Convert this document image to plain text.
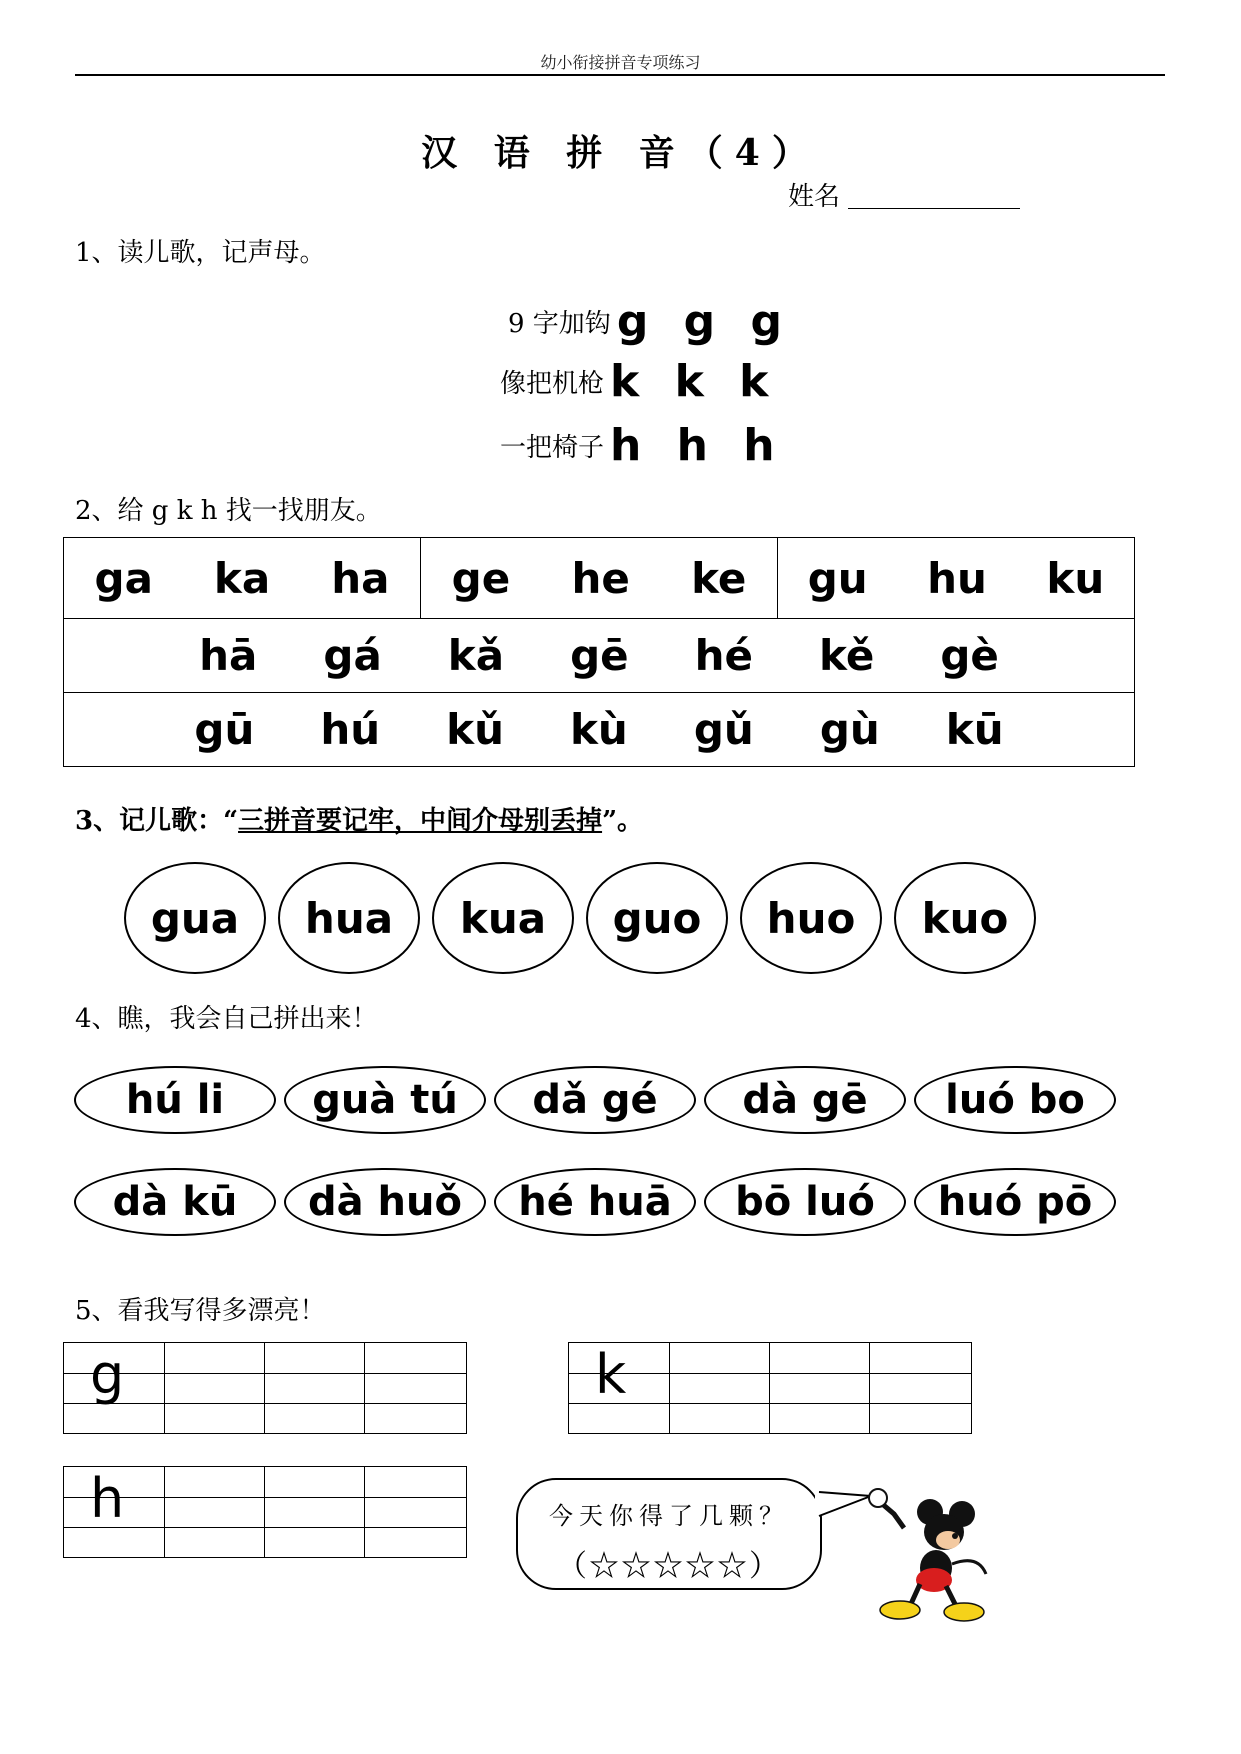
幼小衔接拼音专项练习
汉 语 拼 音（4）
姓名
1、读儿歌，记声母。
9 字加钩 g g g
像把机枪 k k k
一把椅子 h h h
2、给 g k h 找一找朋友。
ga ka ha ge he ke gu hu ku
hā gá kǎ gē hé kě gè
gū hú kǔ kù gǔ gù kū
3、记儿歌：“三拼音要记牢，中间介母别丢掉”。
gua hua kua guo huo kuo
4、瞧，我会自己拼出来！
hú li guà tú dǎ gé dà gē luó bo
dà kū dà huǒ hé huā bō luó huó pō
5、看我写得多漂亮！
g	k
h	今天你得了几颗？
（☆☆☆☆☆）
